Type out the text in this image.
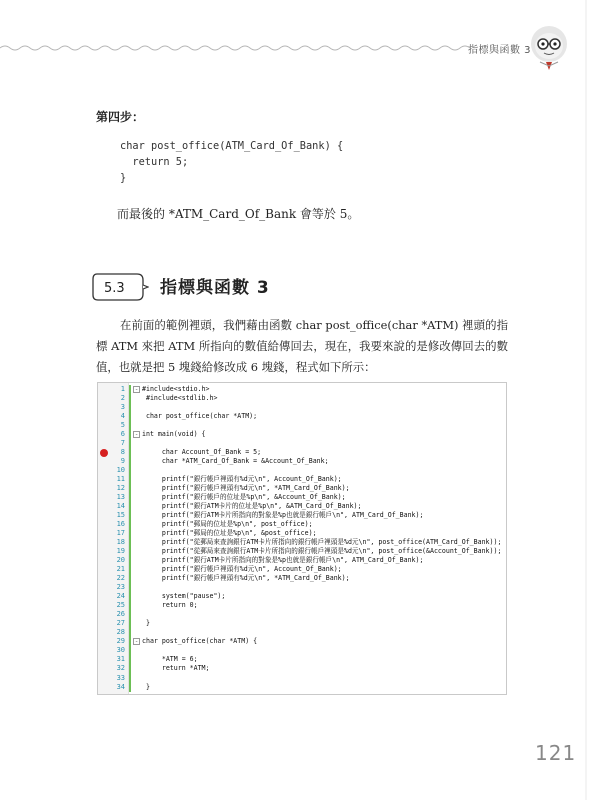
指標與函數 3
第四步：
char post_office(ATM_Card_Of_Bank) {
return 5;
}
而最後的 *ATM_Card_Of_Bank 會等於 5。
5.3 指標與函數 3

在前面的範例裡頭，我們藉由函數 char post_office(char *ATM) 裡頭的指標 ATM 來把 ATM 所指向的數值給傳回去，現在，我要來說的是修改傳回去的數值，也就是把 5 塊錢給修改成 6 塊錢，程式如下所示：

1
2
3
4
5
6
7
8
9
10
11
12
13
14
15
16
17
18
19
20
21
22
23
24
25
26
27
28
29
30
31
32
33
34
-
-
-
#include<stdio.h>
#include<stdlib.h>
char post_office(char *ATM);
int main(void) {
char Account_Of_Bank = 5;
char *ATM_Card_Of_Bank = &Account_Of_Bank;
printf("銀行帳戶裡頭有%d元\n", Account_Of_Bank);
printf("銀行帳戶裡頭有%d元\n", *ATM_Card_Of_Bank);
printf("銀行帳戶的位址是%p\n", &Account_Of_Bank);
printf("銀行ATM卡片的位址是%p\n", &ATM_Card_Of_Bank);
printf("銀行ATM卡片所指向的對象是%p也就是銀行帳戶\n", ATM_Card_Of_Bank);
printf("郵局的位址是%p\n", post_office);
printf("郵局的位址是%p\n", &post_office);
printf("從郵局來查詢銀行ATM卡片所指向的銀行帳戶裡頭是%d元\n", post_office(ATM_Card_Of_Bank));
printf("從郵局來查詢銀行ATM卡片所指向的銀行帳戶裡頭是%d元\n", post_office(&Account_Of_Bank));
printf("銀行ATM卡片所指向的對象是%p也就是銀行帳戶\n", ATM_Card_Of_Bank);
printf("銀行帳戶裡頭有%d元\n", Account_Of_Bank);
printf("銀行帳戶裡頭有%d元\n", *ATM_Card_Of_Bank);
system("pause");
return 0;
}
char post_office(char *ATM) {
*ATM = 6;
return *ATM;
}
121
